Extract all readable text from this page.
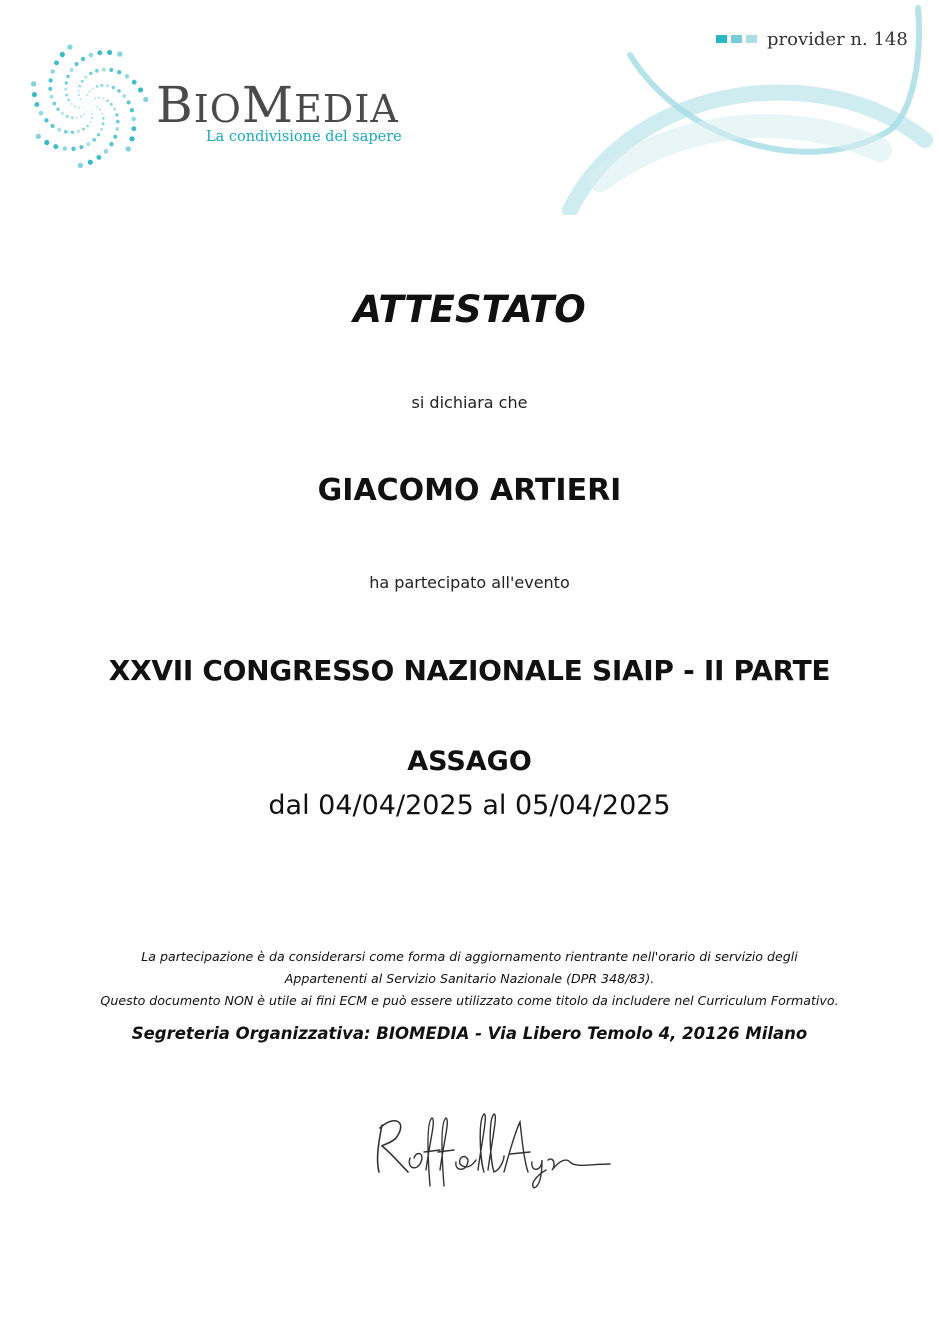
provider n. 148
BIOMEDIA
La condivisione del sapere
ATTESTATO
si dichiara che
GIACOMO ARTIERI
ha partecipato all'evento
XXVII CONGRESSO NAZIONALE SIAIP - II PARTE
ASSAGO
dal 04/04/2025 al 05/04/2025
La partecipazione è da considerarsi come forma di aggiornamento rientrante nell'orario di servizio degli
Appartenenti al Servizio Sanitario Nazionale (DPR 348/83).
Questo documento NON è utile ai fini ECM e può essere utilizzato come titolo da includere nel Curriculum Formativo.
Segreteria Organizzativa: BIOMEDIA - Via Libero Temolo 4, 20126 Milano
